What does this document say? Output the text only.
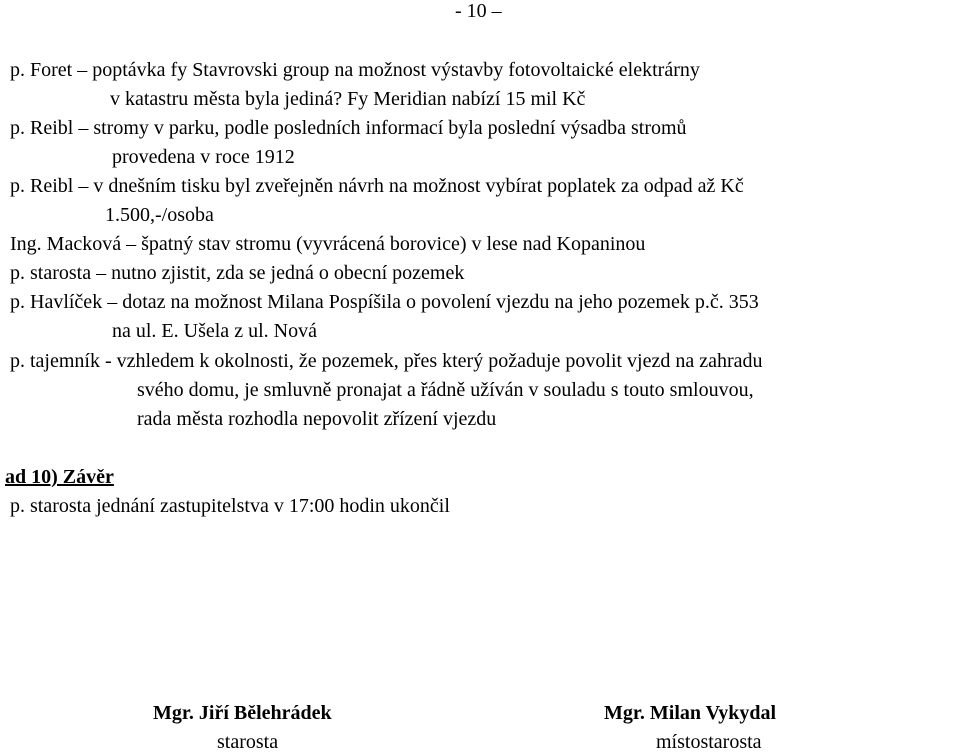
- 10 –
p. Foret – poptávka fy Stavrovski group na možnost výstavby fotovoltaické elektrárny
v katastru města byla jediná? Fy Meridian nabízí 15 mil Kč
p. Reibl – stromy v parku, podle posledních informací byla poslední výsadba stromů
provedena v roce 1912
p. Reibl – v dnešním tisku byl zveřejněn návrh na možnost vybírat poplatek za odpad až Kč
1.500,-/osoba
Ing. Macková – špatný stav stromu (vyvrácená borovice) v lese nad Kopaninou
p. starosta – nutno zjistit, zda se jedná o obecní pozemek
p. Havlíček – dotaz na možnost Milana Pospíšila o povolení vjezdu na jeho pozemek p.č. 353
na ul. E. Ušela z ul. Nová
p. tajemník - vzhledem k okolnosti, že pozemek, přes který požaduje povolit vjezd na zahradu
svého domu, je smluvně pronajat a řádně užíván v souladu s touto smlouvou,
rada města rozhodla nepovolit zřízení vjezdu
ad 10) Závěr
p. starosta jednání zastupitelstva v 17:00 hodin ukončil
Mgr. Jiří Bělehrádek
starosta
Mgr. Milan Vykydal
místostarosta
